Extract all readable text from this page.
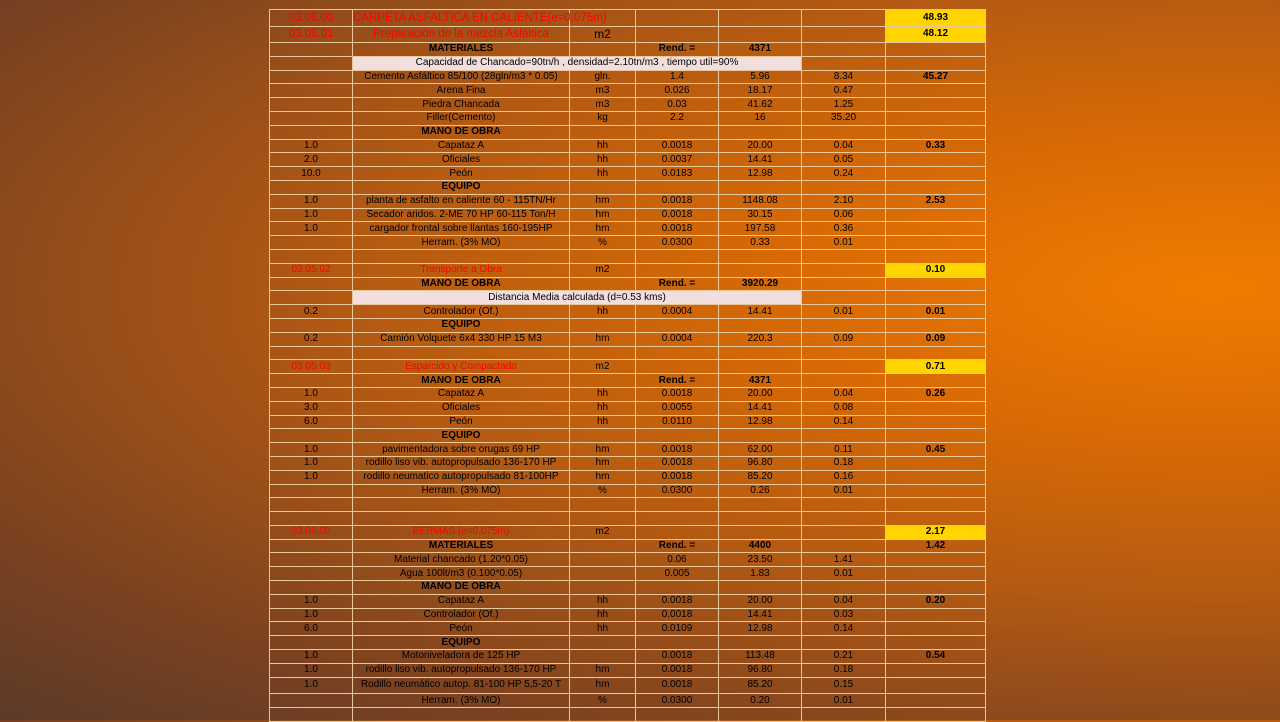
03.05.00	CARPETA ASFALTICA EN CALIENTE(e=0.075m)					48.93
03.05.01	Preparación de la mezcla Asfáltica	m2				48.12
	MATERIALES		Rend. =	4371		
	Capacidad de Chancado=90tn/h , densidad=2.10tn/m3 , tiempo util=90%					
	Cemento Asfáltico 85/100 (28gln/m3 * 0.05)	gln.	1.4	5.96	8.34	45.27
	Arena Fina	m3	0.026	18.17	0.47	
	Piedra Chancada	m3	0.03	41.62	1.25	
	Filler(Cemento)	kg	2.2	16	35.20	
	MANO DE OBRA					
1.0	Capataz A	hh	0.0018	20.00	0.04	0.33
2.0	Oficiales	hh	0.0037	14.41	0.05	
10.0	Peón	hh	0.0183	12.98	0.24	
	EQUIPO					
1.0	planta de asfalto en caliente 60 - 115TN/Hr	hm	0.0018	1148.08	2.10	2.53
1.0	Secador aridos. 2-ME 70 HP 60-115 Ton/H	hm	0.0018	30.15	0.06	
1.0	cargador frontal sobre llantas 160-195HP	hm	0.0018	197.58	0.36	
	Herram. (3% MO)	%	0.0300	0.33	0.01	

03.05.02	Transporte a Obra	m2				0.10
	MANO DE OBRA		Rend. =	3920.29		
	Distancia Media calculada (d=0.53 kms)					
0.2	Controlador (Of.)	hh	0.0004	14.41	0.01	0.01
	EQUIPO					
0.2	Camión Volquete 6x4 330 HP 15 M3	hm	0.0004	220.3	0.09	0.09

03.05.03	Esparcido y Compactado	m2				0.71
	MANO DE OBRA		Rend. =	4371		
1.0	Capataz A	hh	0.0018	20.00	0.04	0.26
3.0	Oficiales	hh	0.0055	14.41	0.08	
6.0	Peón	hh	0.0110	12.98	0.14	
	EQUIPO					
1.0	pavimentadora sobre orugas 69 HP	hm	0.0018	62.00	0.11	0.45
1.0	rodillo liso vib. autopropulsado 136-170 HP	hm	0.0018	96.80	0.18	
1.0	rodillo neumatico autopropulsado 81-100HP	hm	0.0018	85.20	0.16	
	Herram. (3% MO)	%	0.0300	0.26	0.01	

03.06.00	BERMAS (e=0.075m)	m2				2.17
	MATERIALES		Rend. =	4400		1.42
	Material chancado (1.20*0.05)		0.06	23.50	1.41	
	Agua 100lt/m3 (0.100*0.05)		0.005	1.83	0.01	
	MANO DE OBRA					
1.0	Capataz A	hh	0.0018	20.00	0.04	0.20
1.0	Controlador (Of.)	hh	0.0018	14.41	0.03	
6.0	Peón	hh	0.0109	12.98	0.14	
	EQUIPO					
1.0	Motoniveladora de 125 HP		0.0018	113.48	0.21	0.54
1.0	rodillo liso vib. autopropulsado 136-170 HP	hm	0.0018	96.80	0.18	
1.0	Rodillo neumático autop. 81-100 HP 5,5-20 T	hm	0.0018	85.20	0.15	
	Herram. (3% MO)	%	0.0300	0.20	0.01	
